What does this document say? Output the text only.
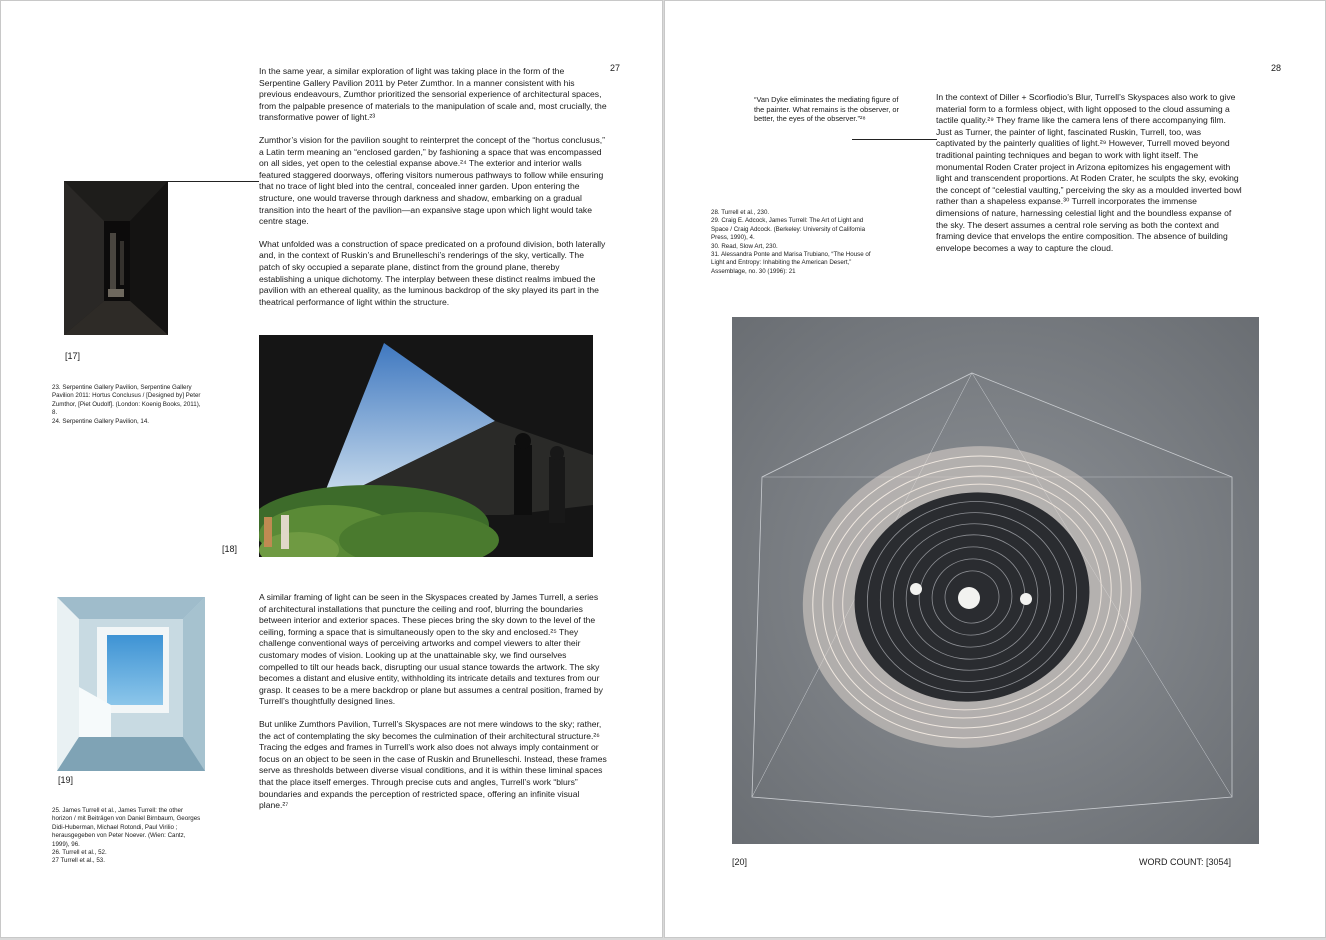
27

In the same year, a similar exploration of light was taking place in the form of the Serpentine Gallery Pavilion 2011 by Peter Zumthor. In a manner consistent with his previous endeavours, Zumthor prioritized the sensorial experience of architectural spaces, from the palpable presence of materials to the manipulation of scale and, most crucially, the transformative power of light.²³

Zumthor’s vision for the pavilion sought to reinterpret the concept of the “hortus conclusus,” a Latin term meaning an “enclosed garden,” by fashioning a space that was encompassed on all sides, yet open to the celestial expanse above.²⁴ The exterior and interior walls featured staggered doorways, offering visitors numerous pathways to follow while ensuring that no trace of light bled into the central, concealed inner garden. Upon entering the structure, one would traverse through darkness and shadow, embarking on a gradual transition into the heart of the pavilion—an expansive stage upon which light would take centre stage.

What unfolded was a construction of space predicated on a profound division, both laterally and, in the context of Ruskin’s and Brunelleschi’s renderings of the sky, vertically. The patch of sky occupied a separate plane, distinct from the ground plane, thereby establishing a unique dichotomy. The interplay between these distinct realms imbued the pavilion with an ethereal quality, as the luminous backdrop of the sky played its part in the theatrical performance of light within the structure.

[17]
23. Serpentine Gallery Pavilion, Serpentine Gallery Pavilion 2011: Hortus Conclusus / [Designed by] Peter Zumthor, [Piet Oudolf]. (London: Koenig Books, 2011), 8.
24. Serpentine Gallery Pavilion, 14.
[18]
[19]
25. James Turrell et al., James Turrell: the other horizon / mit Beiträgen von Daniel Birnbaum, Georges Didi-Huberman, Michael Rotondi, Paul Virilio ; herausgegeben von Peter Noever. (Wien: Cantz, 1999), 96.
26. Turrell et al., 52.
27 Turrell et al., 53.

A similar framing of light can be seen in the Skyspaces created by James Turrell, a series of architectural installations that puncture the ceiling and roof, blurring the boundaries between interior and exterior spaces. These pieces bring the sky down to the level of the ceiling, forming a space that is simultaneously open to the sky and enclosed.²⁵ They challenge conventional ways of perceiving artworks and compel viewers to alter their customary modes of vision. Looking up at the unattainable sky, we find ourselves compelled to tilt our heads back, disrupting our usual stance towards the artwork. The sky becomes a distant and elusive entity, withholding its intricate details and textures from our grasp. It ceases to be a mere backdrop or plane but assumes a central position, framed by Turrell’s thoughtfully designed lines.

But unlike Zumthors Pavilion, Turrell’s Skyspaces are not mere windows to the sky; rather, the act of contemplating the sky becomes the culmination of their architectural structure.²⁶ Tracing the edges and frames in Turrell’s work also does not always imply containment or focus on an object to be seen in the case of Ruskin and Brunelleschi. Instead, these frames serve as thresholds between diverse visual conditions, and it is within these liminal spaces that the place itself emerges. Through precise cuts and angles, Turrell’s work “blurs” boundaries and expands the perception of restricted space, offering an infinite visual plane.²⁷

28
“Van Dyke eliminates the mediating figure of the painter. What remains is the observer, or better, the eyes of the observer.”²⁸
28. Turrell et al., 230.
29. Craig E. Adcock, James Turrell: The Art of Light and Space / Craig Adcock. (Berkeley: University of California Press, 1990), 4.
30. Read, Slow Art, 230.
31. Alessandra Ponte and Marisa Trubiano, “The House of Light and Entropy: Inhabiting the American Desert,” Assemblage, no. 30 (1996): 21

In the context of Diller + Scorfiodio’s Blur, Turrell’s Skyspaces also work to give material form to a formless object, with light opposed to the cloud assuming a tactile quality.²⁹ They frame like the camera lens of there accompanying film. Just as Turner, the painter of light, fascinated Ruskin, Turrell, too, was captivated by the painterly qualities of light.²⁹ However, Turrell moved beyond traditional painting techniques and began to work with light itself. The monumental Roden Crater project in Arizona epitomizes his engagement with light and transcendent proportions. At Roden Crater, he sculpts the sky, evoking the concept of “celestial vaulting,” perceiving the sky as a moulded inverted bowl rather than a shapeless expanse.³⁰ Turrell incorporates the immense dimensions of nature, harnessing celestial light and the boundless expanse of the sky. The desert assumes a central role serving as both the context and framing device that envelops the entire composition. The absence of building envelope becomes a way to capture the cloud.

[20]	WORD COUNT: [3054]
